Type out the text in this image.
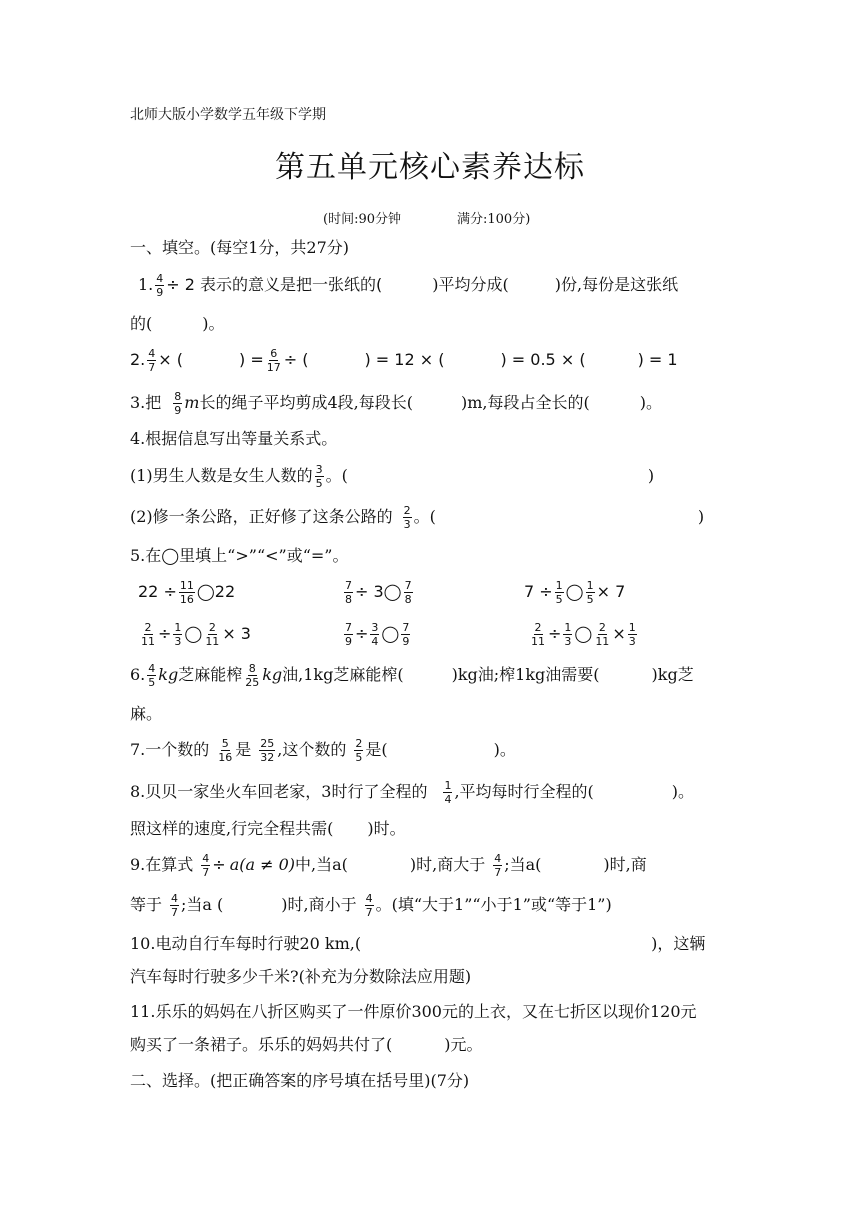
北师大版小学数学五年级下学期
第五单元核心素养达标
(时间:90分钟	满分:100分)
一、填空。(每空1分，共27分)
1. $\frac{4}{9} \div 2$ 表示的意义是把一张纸的(	)平均分成(	)份,每份是这张纸
的(	)。
2. $\frac{4}{7}$ × (	) = $\frac{6}{17}$ ÷ (	) = 12 × (	) = 0.5 × (	) = 1
3.把 $\frac{8}{9}$ m长的绳子平均剪成4段,每段长(	)m,每段占全长的(	)。
4.根据信息写出等量关系式。
(1)男生人数是女生人数的 $\frac{3}{5}$ 。(	)
(2)修一条公路，正好修了这条公路的 $\frac{2}{3}$ 。(	)
5.在◯里填上“>”“<”或“=”。
$22 \div \frac{11}{16}$ ◯22	$\frac{7}{8}$ ÷ 3◯ $\frac{7}{8}$	$7 \div \frac{1}{5}$ ◯ $\frac{1}{5} \times 7$
$\frac{2}{11} \div \frac{1}{3}$ ◯ $\frac{2}{11} \times 3$	$\frac{7}{9} \div \frac{3}{4}$ ◯ $\frac{7}{9}$	$\frac{2}{11} \div \frac{1}{3}$ ◯ $\frac{2}{11} \times \frac{1}{3}$
6. $\frac{4}{5}$ kg芝麻能榨 $\frac{8}{25}$ kg油,1kg芝麻能榨(	)kg油;榨1kg油需要(	)kg芝
麻。
7.一个数的 $\frac{5}{16}$ 是 $\frac{25}{32}$ ,这个数的 $\frac{2}{5}$ 是(	)。
8.贝贝一家坐火车回老家，3时行了全程的 $\frac{1}{4}$ ,平均每时行全程的(	)。
照这样的速度,行完全程共需( )时。
9.在算式 $\frac{4}{7} \div a(a \ne 0)$中,当a(	)时,商大于 $\frac{4}{7}$ ;当a(	)时,商
等于 $\frac{4}{7}$ ;当a (	)时,商小于 $\frac{4}{7}$ 。(填“大于1”“小于1”或“等于1”)
10.电动自行车每时行驶20 km,(	)，这辆
汽车每时行驶多少千米?(补充为分数除法应用题)
11.乐乐的妈妈在八折区购买了一件原价300元的上衣，又在七折区以现价120元
购买了一条裙子。乐乐的妈妈共付了(	)元。
二、选择。(把正确答案的序号填在括号里)(7分)
